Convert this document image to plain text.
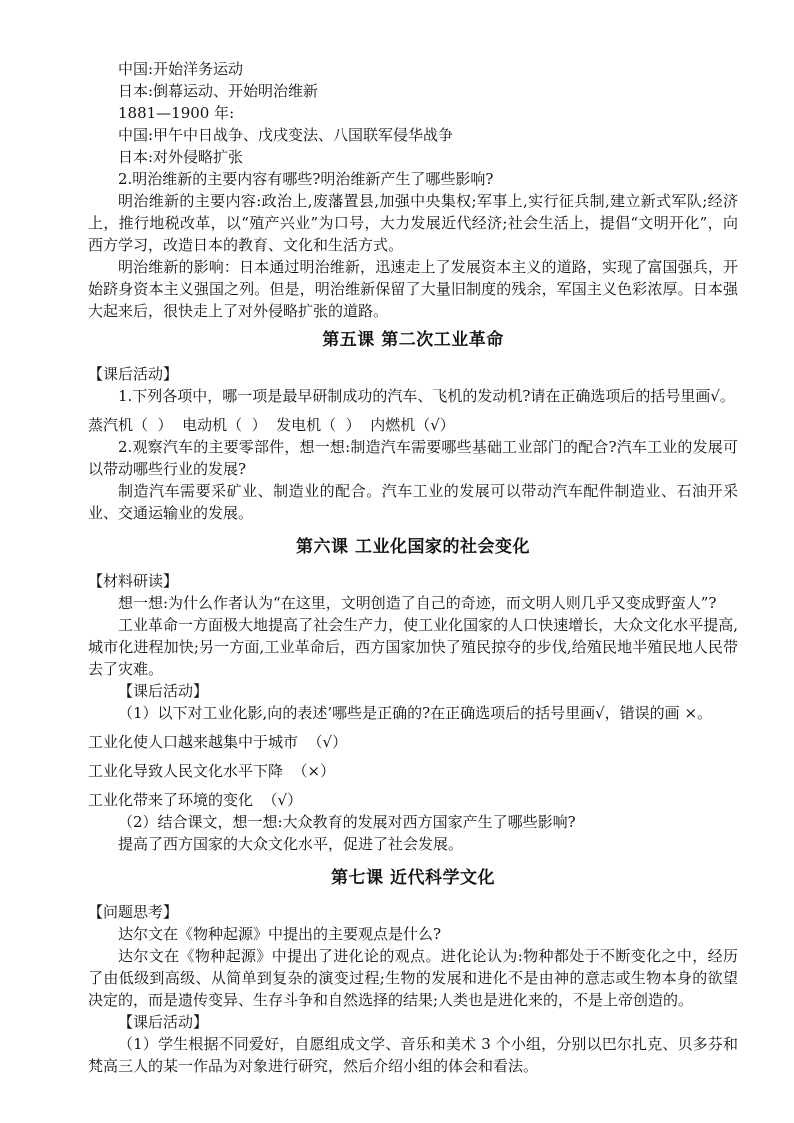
中国:开始洋务运动

日本:倒幕运动、开始明治维新

1881—1900 年:

中国:甲午中日战争、戊戌变法、八国联军侵华战争

日本:对外侵略扩张

2.明治维新的主要内容有哪些?明治维新产生了哪些影响?

明治维新的主要内容:政治上,废藩置县,加强中央集权;军事上,实行征兵制,建立新式军队;经济上，推行地税改革，以“殖产兴业”为口号，大力发展近代经济;社会生活上，提倡“文明开化”，向西方学习，改造日本的教育、文化和生活方式。

明治维新的影响：日本通过明治维新，迅速走上了发展资本主义的道路，实现了富国强兵，开始跻身资本主义强国之列。但是，明治维新保留了大量旧制度的残余，军国主义色彩浓厚。日本强大起来后，很快走上了对外侵略扩张的道路。

第五课 第二次工业革命

【课后活动】

1.下列各项中，哪一项是最早研制成功的汽车、飞机的发动机?请在正确选项后的括号里画√。

蒸汽机（  ）  电动机（  ）  发电机（  ）  内燃机（√）

2.观察汽车的主要零部件，想一想:制造汽车需要哪些基础工业部门的配合?汽车工业的发展可以带动哪些行业的发展?

制造汽车需要采矿业、制造业的配合。汽车工业的发展可以带动汽车配件制造业、石油开采业、交通运输业的发展。

第六课 工业化国家的社会变化

【材料研读】

想一想:为什么作者认为“在这里，文明创造了自己的奇迹，而文明人则几乎又变成野蛮人”?

工业革命一方面极大地提高了社会生产力，使工业化国家的人口快速增长，大众文化水平提高,城市化进程加快;另一方面,工业革命后，西方国家加快了殖民掠夺的步伐,给殖民地半殖民地人民带去了灾难。

【课后活动】

（1）以下对工业化影,向的表述’哪些是正确的?在正确选项后的括号里画√，错误的画 ×。

工业化使人口越来越集中于城市  （√）

工业化导致人民文化水平下降  （×）

工业化带来了环境的变化  （√）

（2）结合课文，想一想:大众教育的发展对西方国家产生了哪些影响?

提高了西方国家的大众文化水平，促进了社会发展。

第七课 近代科学文化

【问题思考】

达尔文在《物种起源》中提出的主要观点是什么?

达尔文在《物种起源》中提出了进化论的观点。进化论认为:物种都处于不断变化之中，经历了由低级到高级、从简单到复杂的演变过程;生物的发展和进化不是由神的意志或生物本身的欲望决定的，而是遗传变异、生存斗争和自然选择的结果;人类也是进化来的，不是上帝创造的。

【课后活动】

（1）学生根据不同爱好，自愿组成文学、音乐和美术 3 个小组，分别以巴尔扎克、贝多芬和梵高三人的某一作品为对象进行研究，然后介绍小组的体会和看法。
